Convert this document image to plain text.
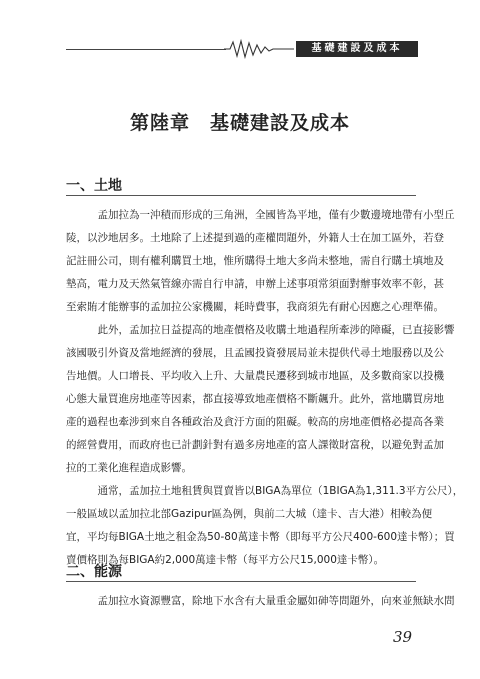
基礎建設及成本
第陸章　基礎建設及成本
一、土地
　孟加拉為一沖積而形成的三角洲，全國皆為平地，僅有少數邊境地帶有小型丘
陵，以沙地居多。土地除了上述提到過的產權問題外，外籍人士在加工區外，若登
記註冊公司，則有權利購買土地，惟所購得土地大多尚未整地，需自行購土填地及
墊高，電力及天然氣管線亦需自行申請，申辦上述事項常須面對辦事效率不彰，甚
至索賄才能辦事的孟加拉公家機關，耗時費事，我商須先有耐心因應之心理準備。
　此外，孟加拉日益提高的地產價格及收購土地過程所牽涉的障礙，已直接影響
該國吸引外資及當地經濟的發展，且孟國投資發展局並未提供代尋土地服務以及公
告地價。人口增長、平均收入上升、大量農民遷移到城市地區，及多數商家以投機
心態大量買進房地產等因素，都直接導致地產價格不斷飆升。此外，當地購買房地
產的過程也牽涉到來自各種政治及貪汙方面的阻礙。較高的房地產價格必提高各業
的經營費用，而政府也已計劃針對有過多房地產的富人課徵財富稅，以避免對孟加
拉的工業化進程造成影響。
　通常，孟加拉土地租賃與買賣皆以BIGA為單位（1BIGA為1,311.3平方公尺），
一般區域以孟加拉北部Gazipur區為例，與前二大城（達卡、吉大港）相較為便
宜，平均每BIGA土地之租金為50-80萬達卡幣（即每平方公尺400-600達卡幣）；買
賣價格則為每BIGA約2,000萬達卡幣（每平方公尺15,000達卡幣）。
二、能源
　孟加拉水資源豐富，除地下水含有大量重金屬如砷等問題外，向來並無缺水問
39
